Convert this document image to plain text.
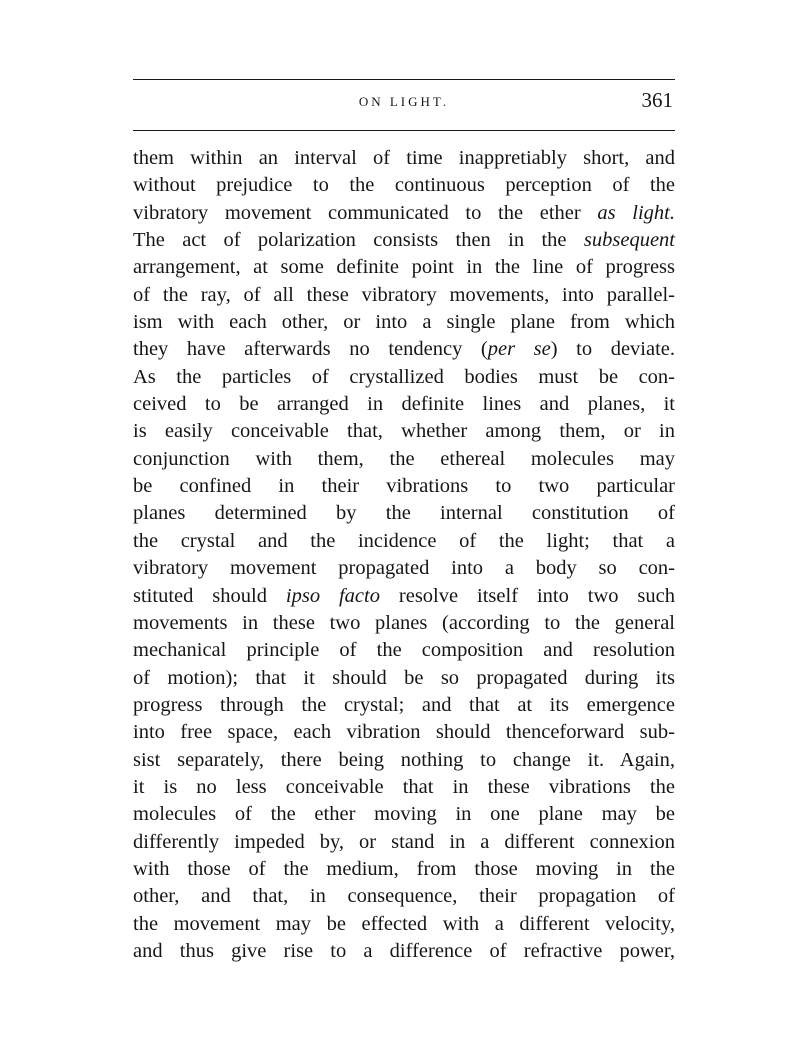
ON LIGHT.	361
them within an interval of time inappretiably short, and
without prejudice to the continuous perception of the
vibratory movement communicated to the ether as light.
The act of polarization consists then in the subsequent
arrangement, at some definite point in the line of progress
of the ray, of all these vibratory movements, into parallel-
ism with each other, or into a single plane from which
they have afterwards no tendency (per se) to deviate.
As the particles of crystallized bodies must be con-
ceived to be arranged in definite lines and planes, it
is easily conceivable that, whether among them, or in
conjunction with them, the ethereal molecules may
be confined in their vibrations to two particular
planes determined by the internal constitution of
the crystal and the incidence of the light; that a
vibratory movement propagated into a body so con-
stituted should ipso facto resolve itself into two such
movements in these two planes (according to the general
mechanical principle of the composition and resolution
of motion); that it should be so propagated during its
progress through the crystal; and that at its emergence
into free space, each vibration should thenceforward sub-
sist separately, there being nothing to change it. Again,
it is no less conceivable that in these vibrations the
molecules of the ether moving in one plane may be
differently impeded by, or stand in a different connexion
with those of the medium, from those moving in the
other, and that, in consequence, their propagation of
the movement may be effected with a different velocity,
and thus give rise to a difference of refractive power,
